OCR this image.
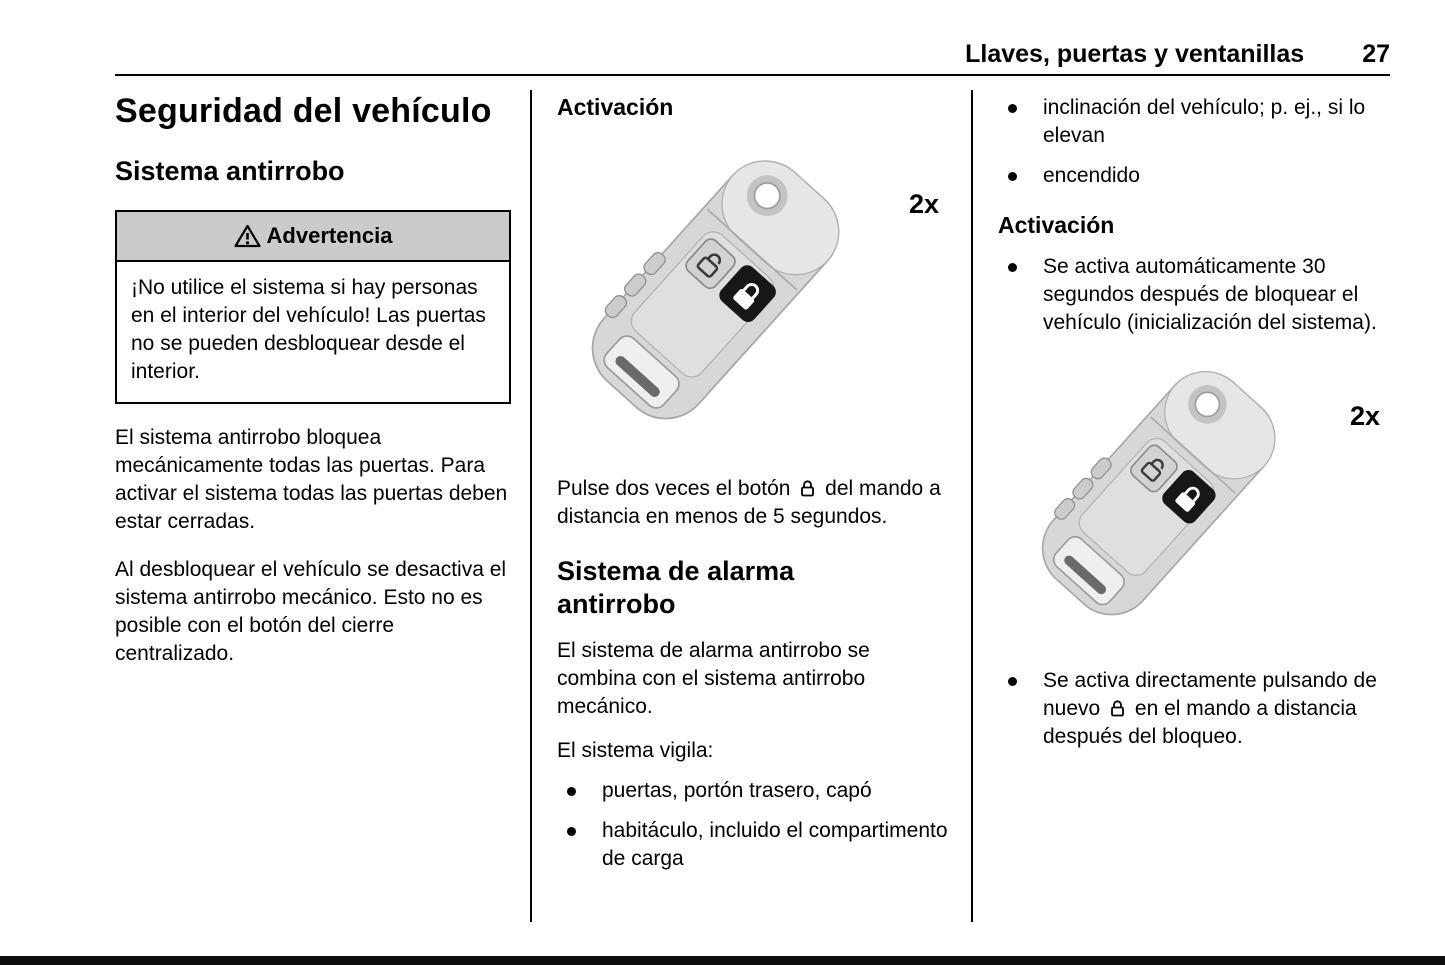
Llaves, puertas y ventanillas 27
Seguridad del vehículo
Sistema antirrobo
Advertencia
¡No utilice el sistema si hay personas en el interior del vehículo! Las puertas no se pueden desbloquear desde el interior.

El sistema antirrobo bloquea mecánicamente todas las puertas. Para activar el sistema todas las puertas deben estar cerradas.

Al desbloquear el vehículo se desactiva el sistema antirrobo mecánico. Esto no es posible con el botón del cierre centralizado.

Activación
2x

Pulse dos veces el botón del mando a distancia en menos de 5 segundos.

Sistema de alarma antirrobo

El sistema de alarma antirrobo se combina con el sistema antirrobo mecánico.

El sistema vigila:

puertas, portón trasero, capó
habitáculo, incluido el compartimento de carga
inclinación del vehículo; p. ej., si lo elevan
encendido
Activación
Se activa automáticamente 30 segundos después de bloquear el vehículo (inicialización del sistema).
2x
Se activa directamente pulsando de nuevo en el mando a distancia después del bloqueo.
